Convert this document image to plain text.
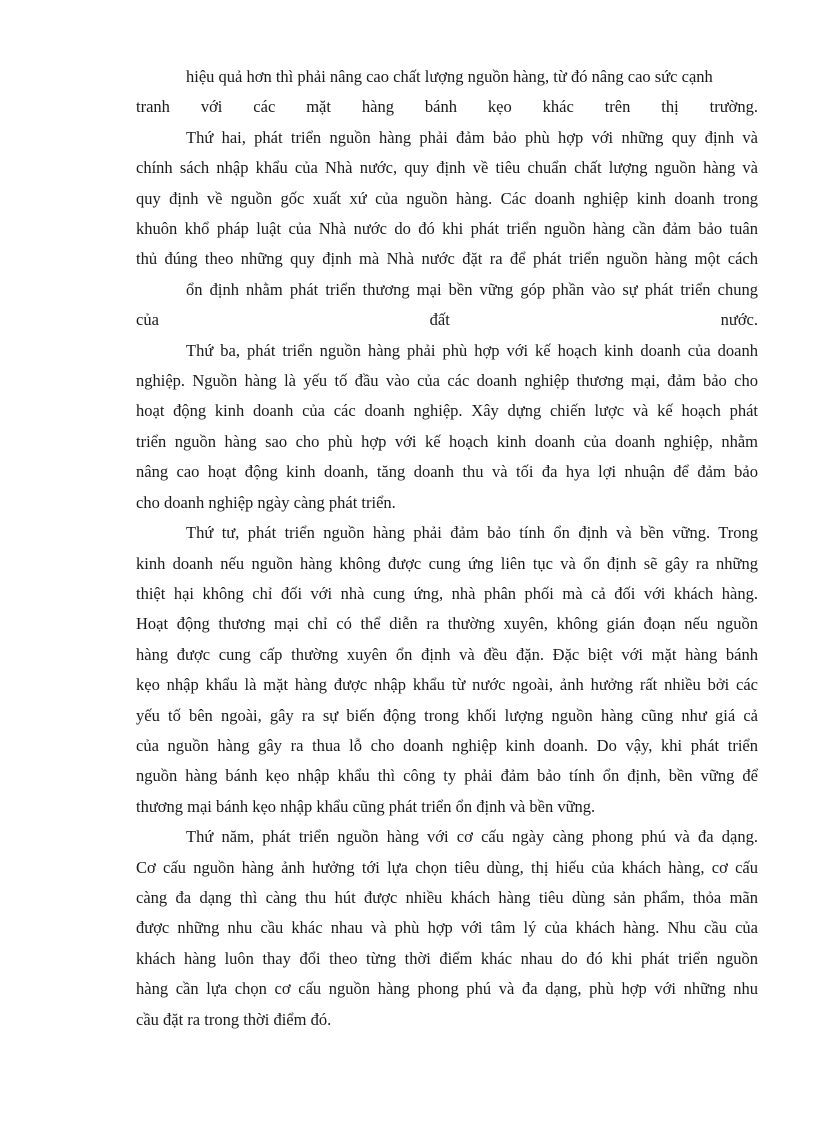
hiệu quả hơn thì phải nâng cao chất lượng nguồn hàng, từ đó nâng cao sức cạnh
tranh với các mặt hàng bánh kẹo khác trên thị trường.
Thứ hai, phát triển nguồn hàng phải đảm bảo phù hợp với những quy định và
chính sách nhập khẩu của Nhà nước, quy định về tiêu chuẩn chất lượng nguồn hàng và
quy định về nguồn gốc xuất xứ của nguồn hàng. Các doanh nghiệp kinh doanh trong
khuôn khổ pháp luật của Nhà nước do đó khi phát triển nguồn hàng cần đảm bảo tuân
thủ đúng theo những quy định mà Nhà nước đặt ra để phát triển nguồn hàng một cách
ổn định nhằm phát triển thương mại bền vững góp phần vào sự phát triển chung
của đất nước.
Thứ ba, phát triển nguồn hàng phải phù hợp với kế hoạch kinh doanh của doanh
nghiệp. Nguồn hàng là yếu tố đầu vào của các doanh nghiệp thương mại, đảm bảo cho
hoạt động kinh doanh của các doanh nghiệp. Xây dựng chiến lược và kế hoạch phát
triển nguồn hàng sao cho phù hợp với kế hoạch kinh doanh của doanh nghiệp, nhằm
nâng cao hoạt động kinh doanh, tăng doanh thu và tối đa hya lợi nhuận để đảm bảo
cho doanh nghiệp ngày càng phát triển.
Thứ tư, phát triển nguồn hàng phải đảm bảo tính ổn định và bền vững. Trong
kinh doanh nếu nguồn hàng không được cung ứng liên tục và ổn định sẽ gây ra những
thiệt hại không chỉ đối với nhà cung ứng, nhà phân phối mà cả đối với khách hàng.
Hoạt động thương mại chỉ có thể diễn ra thường xuyên, không gián đoạn nếu nguồn
hàng được cung cấp thường xuyên ổn định và đều đặn. Đặc biệt với mặt hàng bánh
kẹo nhập khẩu là mặt hàng được nhập khẩu từ nước ngoài, ảnh hưởng rất nhiều bởi các
yếu tố bên ngoài, gây ra sự biến động trong khối lượng nguồn hàng cũng như giá cả
của nguồn hàng gây ra thua lỗ cho doanh nghiệp kinh doanh. Do vậy, khi phát triển
nguồn hàng bánh kẹo nhập khẩu thì công ty phải đảm bảo tính ổn định, bền vững để
thương mại bánh kẹo nhập khẩu cũng phát triển ổn định và bền vững.
Thứ năm, phát triển nguồn hàng với cơ cấu ngày càng phong phú và đa dạng.
Cơ cấu nguồn hàng ảnh hưởng tới lựa chọn tiêu dùng, thị hiếu của khách hàng, cơ cấu
càng đa dạng thì càng thu hút được nhiều khách hàng tiêu dùng sản phẩm, thỏa mãn
được những nhu cầu khác nhau và phù hợp với tâm lý của khách hàng. Nhu cầu của
khách hàng luôn thay đổi theo từng thời điểm khác nhau do đó khi phát triển nguồn
hàng cần lựa chọn cơ cấu nguồn hàng phong phú và đa dạng, phù hợp với những nhu
cầu đặt ra trong thời điểm đó.
